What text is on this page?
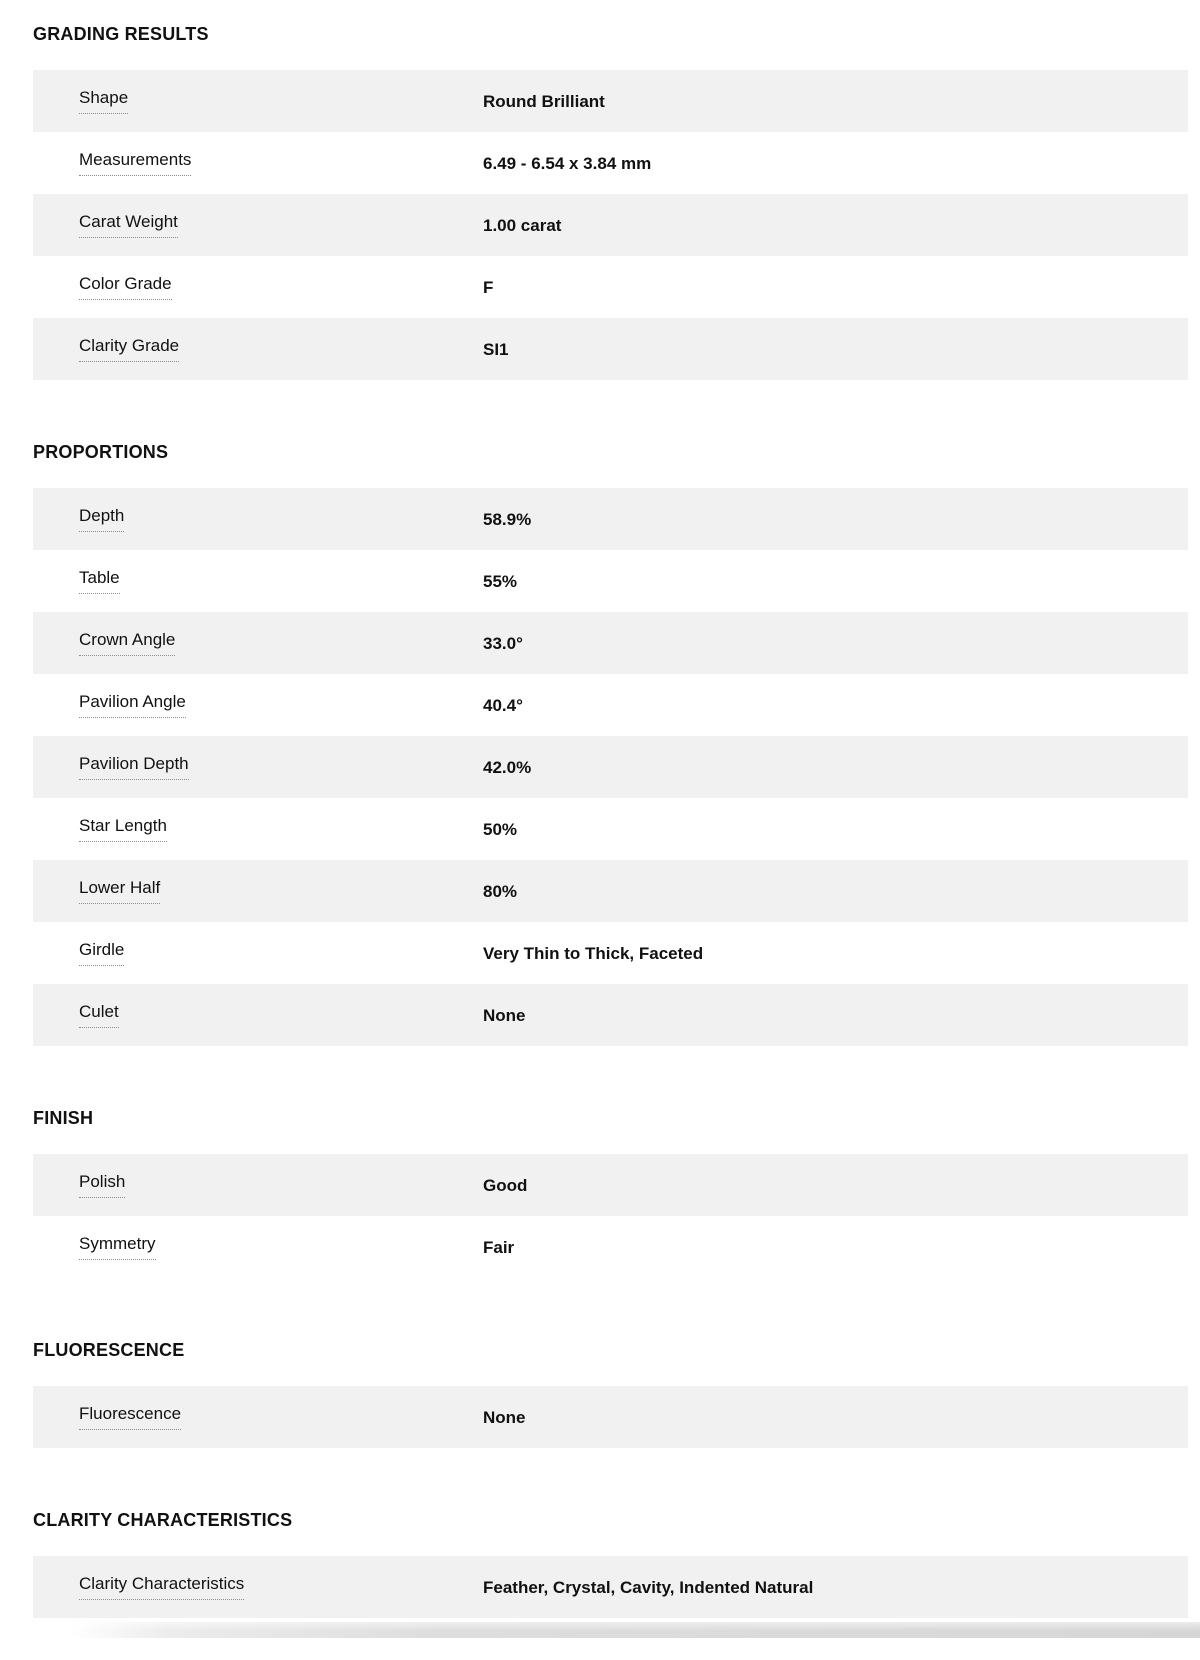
GRADING RESULTS
Shape	Round Brilliant
Measurements	6.49 - 6.54 x 3.84 mm
Carat Weight	1.00 carat
Color Grade	F
Clarity Grade	SI1
PROPORTIONS
Depth	58.9%
Table	55%
Crown Angle	33.0°
Pavilion Angle	40.4°
Pavilion Depth	42.0%
Star Length	50%
Lower Half	80%
Girdle	Very Thin to Thick, Faceted
Culet	None
FINISH
Polish	Good
Symmetry	Fair
FLUORESCENCE
Fluorescence	None
CLARITY CHARACTERISTICS
Clarity Characteristics	Feather, Crystal, Cavity, Indented Natural
